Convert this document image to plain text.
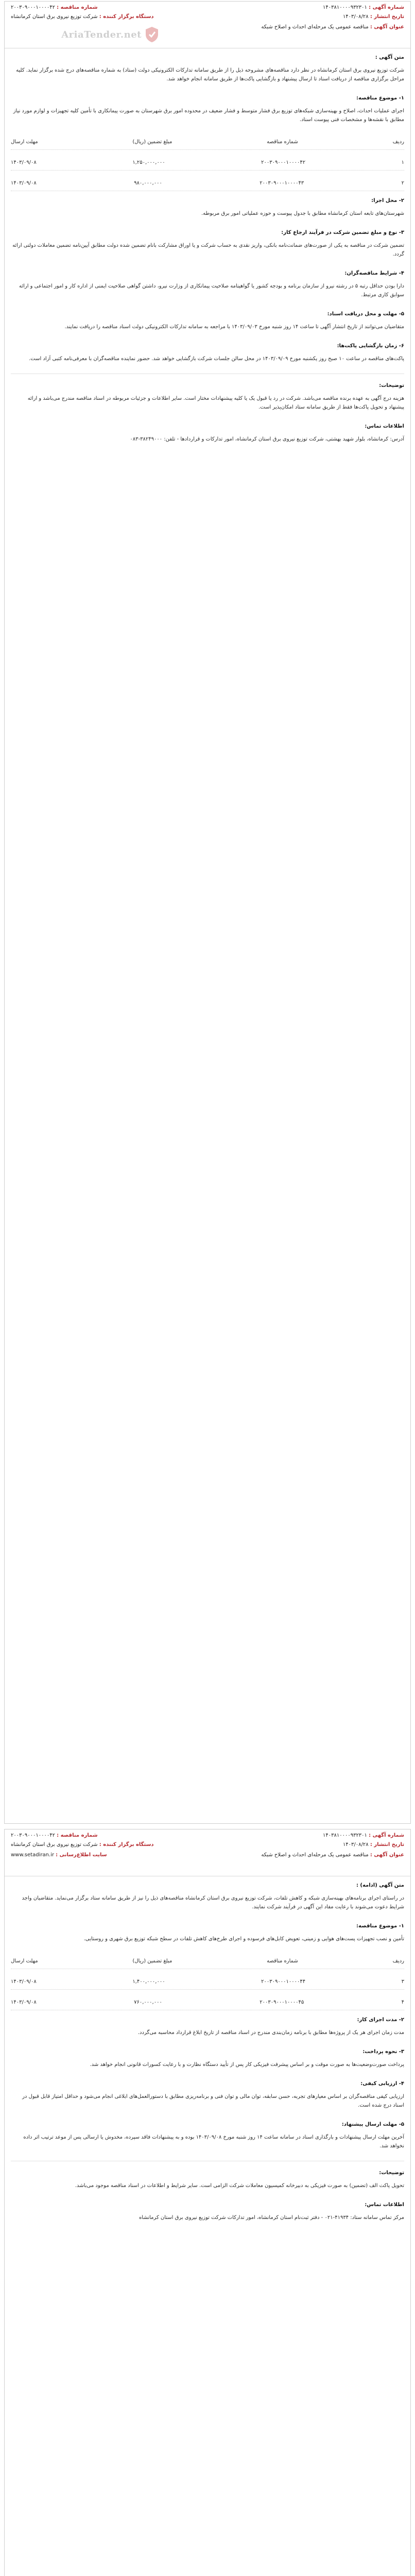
شماره آگهی : ۱۴۰۳۸۱۰۰۰۰۹۳۲۳۰۱
شماره مناقصه : ۲۰۰۳۰۹۰۰۰۱۰۰۰۰۴۲
تاریخ انتشار : ۱۴۰۳/۰۸/۲۸
دستگاه برگزار کننده : شرکت توزیع نیروی برق استان کرمانشاه
عنوان آگهی : مناقصه عمومی یک مرحله‌ای احداث و اصلاح شبکه
AriaTender.net
متن آگهی :

شرکت توزیع نیروی برق استان کرمانشاه در نظر دارد مناقصه‌های مشروحه ذیل را از طریق سامانه تدارکات الکترونیکی دولت (ستاد) به شماره مناقصه‌های درج شده برگزار نماید. کلیه مراحل برگزاری مناقصه از دریافت اسناد تا ارسال پیشنهاد و بازگشایی پاکت‌ها از طریق سامانه انجام خواهد شد.

۱- موضوع مناقصه:

اجرای عملیات احداث، اصلاح و بهینه‌سازی شبکه‌های توزیع برق فشار متوسط و فشار ضعیف در محدوده امور برق شهرستان به صورت پیمانکاری با تأمین کلیه تجهیزات و لوازم مورد نیاز مطابق با نقشه‌ها و مشخصات فنی پیوست اسناد.

ردیف
شماره مناقصه
مبلغ تضمین (ریال)
مهلت ارسال
۱
۲۰۰۳۰۹۰۰۰۱۰۰۰۰۴۲
۱,۲۵۰,۰۰۰,۰۰۰
۱۴۰۳/۰۹/۰۸
۲
۲۰۰۳۰۹۰۰۰۱۰۰۰۰۴۳
۹۸۰,۰۰۰,۰۰۰
۱۴۰۳/۰۹/۰۸
۲- محل اجرا:

شهرستان‌های تابعه استان کرمانشاه مطابق با جدول پیوست و حوزه عملیاتی امور برق مربوطه.

۳- نوع و مبلغ تضمین شرکت در فرآیند ارجاع کار:

تضمین شرکت در مناقصه به یکی از صورت‌های ضمانت‌نامه بانکی، واریز نقدی به حساب شرکت و یا اوراق مشارکت بانام تضمین شده دولت مطابق آیین‌نامه تضمین معاملات دولتی ارائه گردد.

۴- شرایط مناقصه‌گران:

دارا بودن حداقل رتبه ۵ در رشته نیرو از سازمان برنامه و بودجه کشور یا گواهینامه صلاحیت پیمانکاری از وزارت نیرو، داشتن گواهی صلاحیت ایمنی از اداره کار و امور اجتماعی و ارائه سوابق کاری مرتبط.

۵- مهلت و محل دریافت اسناد:

متقاضیان می‌توانند از تاریخ انتشار آگهی تا ساعت ۱۴ روز شنبه مورخ ۱۴۰۳/۰۹/۰۳ با مراجعه به سامانه تدارکات الکترونیکی دولت اسناد مناقصه را دریافت نمایند.

۶- زمان بازگشایی پاکت‌ها:

پاکت‌های مناقصه در ساعت ۱۰ صبح روز یکشنبه مورخ ۱۴۰۳/۰۹/۰۹ در محل سالن جلسات شرکت بازگشایی خواهد شد. حضور نماینده مناقصه‌گران با معرفی‌نامه کتبی آزاد است.

توضیحات:

هزینه درج آگهی به عهده برنده مناقصه می‌باشد. شرکت در رد یا قبول یک یا کلیه پیشنهادات مختار است. سایر اطلاعات و جزئیات مربوطه در اسناد مناقصه مندرج می‌باشد و ارائه پیشنهاد و تحویل پاکت‌ها فقط از طریق سامانه ستاد امکان‌پذیر است.

اطلاعات تماس:

آدرس: کرمانشاه، بلوار شهید بهشتی، شرکت توزیع نیروی برق استان کرمانشاه، امور تدارکات و قراردادها - تلفن: ۳۸۲۴۹۰۰۰-۰۸۳

شماره آگهی : ۱۴۰۳۸۱۰۰۰۰۹۳۲۳۰۱
شماره مناقصه : ۲۰۰۳۰۹۰۰۰۱۰۰۰۰۴۲
تاریخ انتشار : ۱۴۰۳/۰۸/۲۸
دستگاه برگزار کننده : شرکت توزیع نیروی برق استان کرمانشاه
عنوان آگهی : مناقصه عمومی یک مرحله‌ای احداث و اصلاح شبکه
سایت اطلاع‌رسانی : www.setadiran.ir
متن آگهی (ادامه) :

در راستای اجرای برنامه‌های بهینه‌سازی شبکه و کاهش تلفات، شرکت توزیع نیروی برق استان کرمانشاه مناقصه‌های ذیل را نیز از طریق سامانه ستاد برگزار می‌نماید. متقاضیان واجد شرایط دعوت می‌شوند با رعایت مفاد این آگهی در فرآیند شرکت نمایند.

۱- موضوع مناقصه:

تأمین و نصب تجهیزات پست‌های هوایی و زمینی، تعویض کابل‌های فرسوده و اجرای طرح‌های کاهش تلفات در سطح شبکه توزیع برق شهری و روستایی.

ردیف
شماره مناقصه
مبلغ تضمین (ریال)
مهلت ارسال
۳
۲۰۰۳۰۹۰۰۰۱۰۰۰۰۴۴
۱,۴۰۰,۰۰۰,۰۰۰
۱۴۰۳/۰۹/۰۸
۴
۲۰۰۳۰۹۰۰۰۱۰۰۰۰۴۵
۷۶۰,۰۰۰,۰۰۰
۱۴۰۳/۰۹/۰۸
۲- مدت اجرای کار:

مدت زمان اجرای هر یک از پروژه‌ها مطابق با برنامه زمان‌بندی مندرج در اسناد مناقصه از تاریخ ابلاغ قرارداد محاسبه می‌گردد.

۳- نحوه پرداخت:

پرداخت صورت‌وضعیت‌ها به صورت موقت و بر اساس پیشرفت فیزیکی کار پس از تأیید دستگاه نظارت و با رعایت کسورات قانونی انجام خواهد شد.

۴- ارزیابی کیفی:

ارزیابی کیفی مناقصه‌گران بر اساس معیارهای تجربه، حسن سابقه، توان مالی و توان فنی و برنامه‌ریزی مطابق با دستورالعمل‌های ابلاغی انجام می‌شود و حداقل امتیاز قابل قبول در اسناد درج شده است.

۵- مهلت ارسال پیشنهاد:

آخرین مهلت ارسال پیشنهادات و بارگذاری اسناد در سامانه ساعت ۱۴ روز شنبه مورخ ۱۴۰۳/۰۹/۰۸ بوده و به پیشنهادات فاقد سپرده، مخدوش یا ارسالی پس از موعد ترتیب اثر داده نخواهد شد.

توضیحات:

تحویل پاکت الف (تضمین) به صورت فیزیکی به دبیرخانه کمیسیون معاملات شرکت الزامی است. سایر شرایط و اطلاعات در اسناد مناقصه موجود می‌باشد.

اطلاعات تماس:

مرکز تماس سامانه ستاد: ۴۱۹۳۴-۰۲۱ - دفتر ثبت‌نام استان کرمانشاه، امور تدارکات شرکت توزیع نیروی برق استان کرمانشاه
